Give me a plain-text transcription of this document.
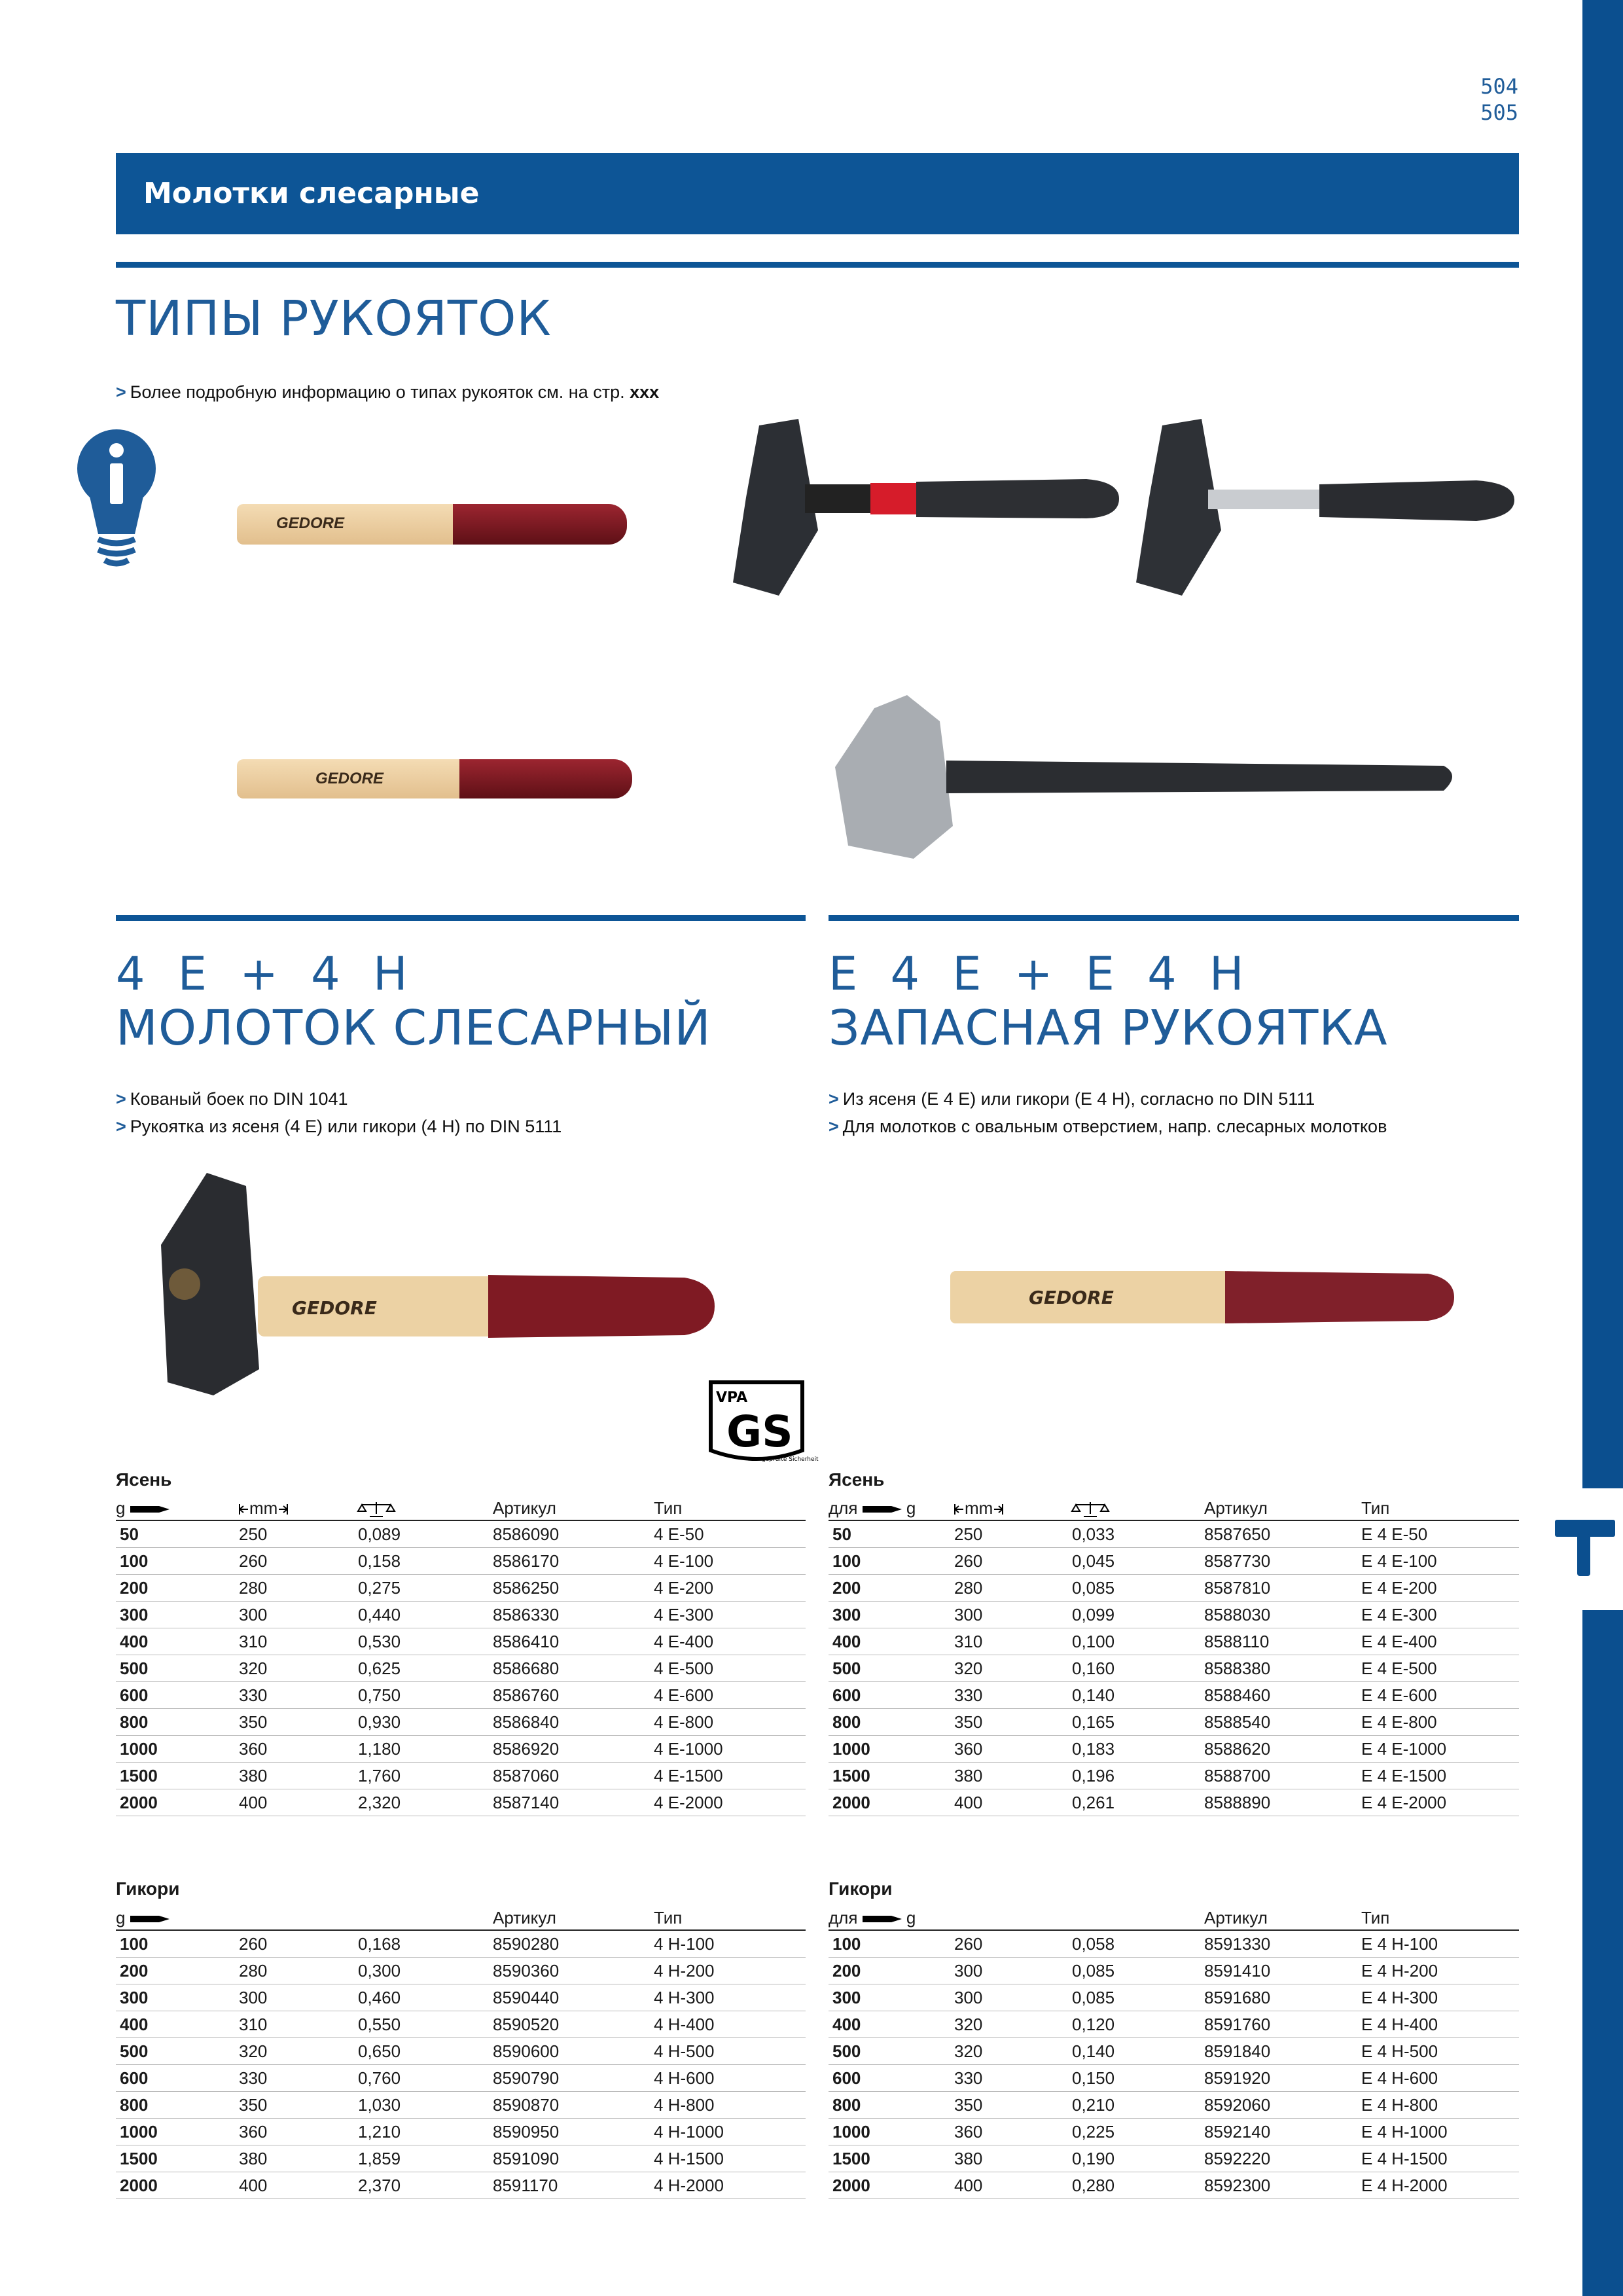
504
505
Молотки слесарные
ТИПЫ РУКОЯТОК
> Более подробную информацию о типах рукояток см. на стр. xxx
GEDORE
GEDORE
4 E + 4 H
МОЛОТОК СЛЕСАРНЫЙ
> Кованый боек по DIN 1041
> Рукоятка из ясеня (4 E) или гикори (4 H) по DIN 5111
E 4 E + E 4 H
ЗАПАСНАЯ РУКОЯТКА
> Из ясеня (E 4 E) или гикори (E 4 H), согласно по DIN 5111
> Для молотков с овальным отверстием, напр. слесарных молотков
GEDORE	GEDORE
VPA
GS
geprüfte Sicherheit
Ясень
g	mm		Артикул	Тип
50	250	0,089	8586090	4 E-50
100	260	0,158	8586170	4 E-100
200	280	0,275	8586250	4 E-200
300	300	0,440	8586330	4 E-300
400	310	0,530	8586410	4 E-400
500	320	0,625	8586680	4 E-500
600	330	0,750	8586760	4 E-600
800	350	0,930	8586840	4 E-800
1000	360	1,180	8586920	4 E-1000
1500	380	1,760	8587060	4 E-1500
2000	400	2,320	8587140	4 E-2000
Ясень
для g	mm		Артикул	Тип
50	250	0,033	8587650	E 4 E-50
100	260	0,045	8587730	E 4 E-100
200	280	0,085	8587810	E 4 E-200
300	300	0,099	8588030	E 4 E-300
400	310	0,100	8588110	E 4 E-400
500	320	0,160	8588380	E 4 E-500
600	330	0,140	8588460	E 4 E-600
800	350	0,165	8588540	E 4 E-800
1000	360	0,183	8588620	E 4 E-1000
1500	380	0,196	8588700	E 4 E-1500
2000	400	0,261	8588890	E 4 E-2000
Гикори
g			Артикул	Тип
100	260	0,168	8590280	4 H-100
200	280	0,300	8590360	4 H-200
300	300	0,460	8590440	4 H-300
400	310	0,550	8590520	4 H-400
500	320	0,650	8590600	4 H-500
600	330	0,760	8590790	4 H-600
800	350	1,030	8590870	4 H-800
1000	360	1,210	8590950	4 H-1000
1500	380	1,859	8591090	4 H-1500
2000	400	2,370	8591170	4 H-2000
Гикори
для g			Артикул	Тип
100	260	0,058	8591330	E 4 H-100
200	300	0,085	8591410	E 4 H-200
300	300	0,085	8591680	E 4 H-300
400	320	0,120	8591760	E 4 H-400
500	320	0,140	8591840	E 4 H-500
600	330	0,150	8591920	E 4 H-600
800	350	0,210	8592060	E 4 H-800
1000	360	0,225	8592140	E 4 H-1000
1500	380	0,190	8592220	E 4 H-1500
2000	400	0,280	8592300	E 4 H-2000
